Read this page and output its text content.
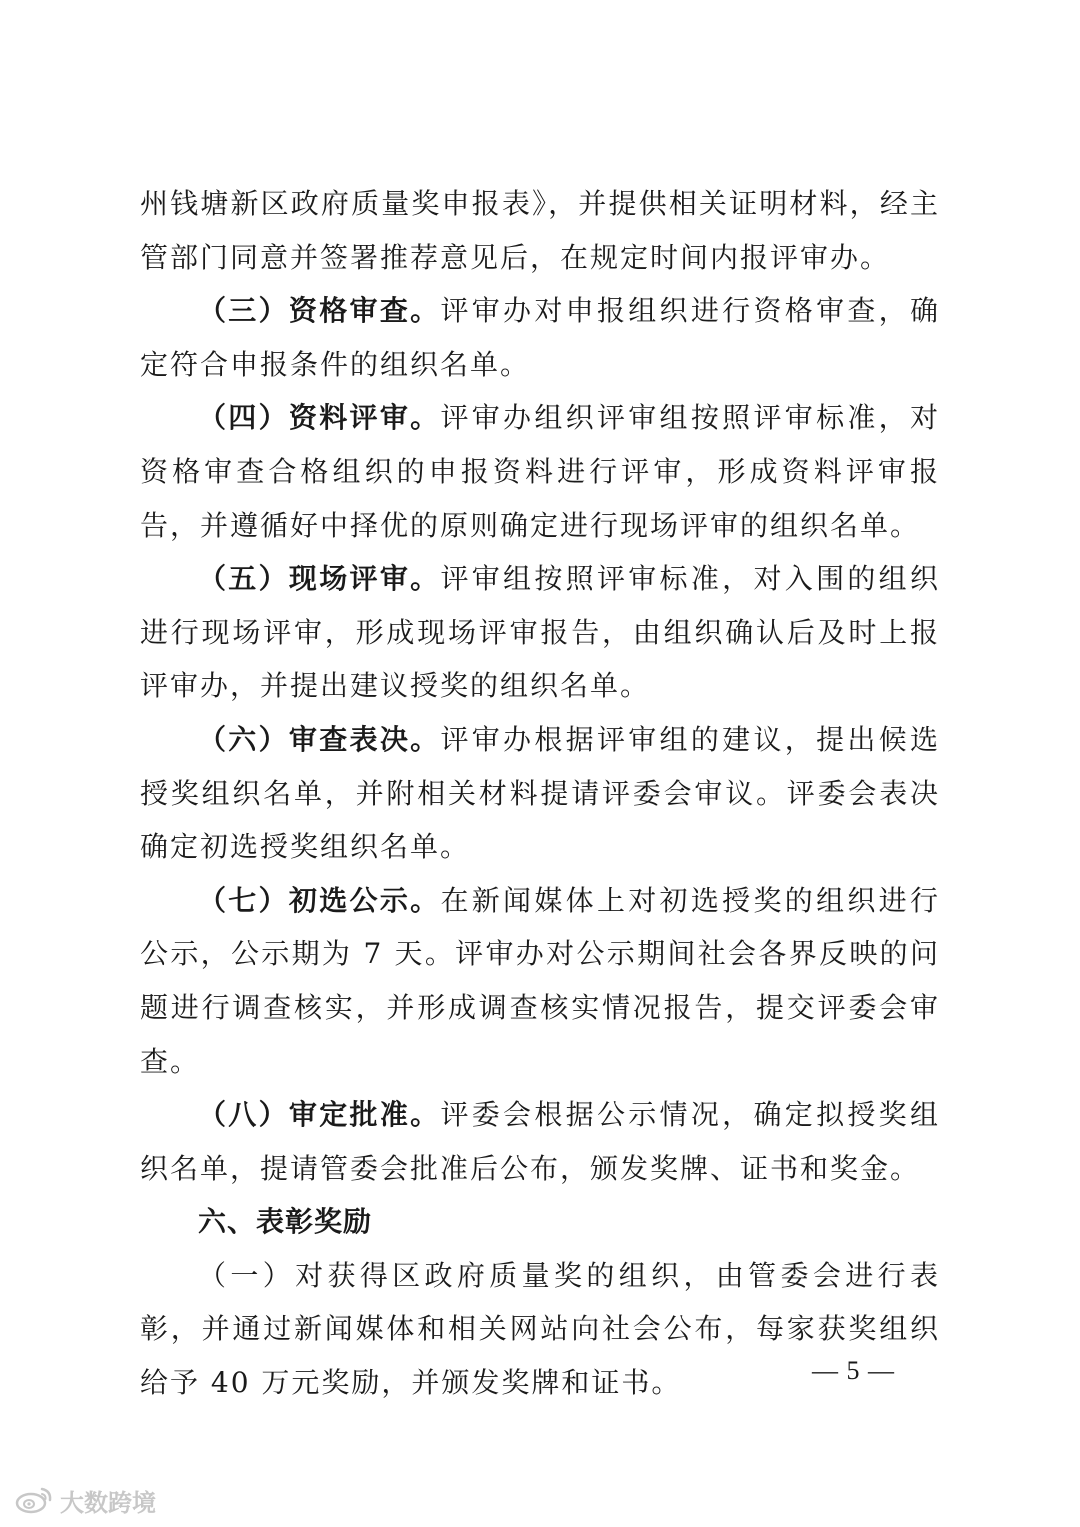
州钱塘新区政府质量奖申报表》，并提供相关证明材料，经主管部门同意并签署推荐意见后，在规定时间内报评审办。

（三）资格审查。评审办对申报组织进行资格审查，确定符合申报条件的组织名单。

（四）资料评审。评审办组织评审组按照评审标准，对资格审查合格组织的申报资料进行评审，形成资料评审报告，并遵循好中择优的原则确定进行现场评审的组织名单。

（五）现场评审。评审组按照评审标准，对入围的组织进行现场评审，形成现场评审报告，由组织确认后及时上报评审办，并提出建议授奖的组织名单。

（六）审查表决。评审办根据评审组的建议，提出候选授奖组织名单，并附相关材料提请评委会审议。评委会表决确定初选授奖组织名单。

（七）初选公示。在新闻媒体上对初选授奖的组织进行公示，公示期为 7 天。评审办对公示期间社会各界反映的问题进行调查核实，并形成调查核实情况报告，提交评委会审查。

（八）审定批准。评委会根据公示情况，确定拟授奖组织名单，提请管委会批准后公布，颁发奖牌、证书和奖金。

六、表彰奖励

（一）对获得区政府质量奖的组织，由管委会进行表彰，并通过新闻媒体和相关网站向社会公布，每家获奖组织给予 40 万元奖励，并颁发奖牌和证书。	— 5 —
大数跨境
